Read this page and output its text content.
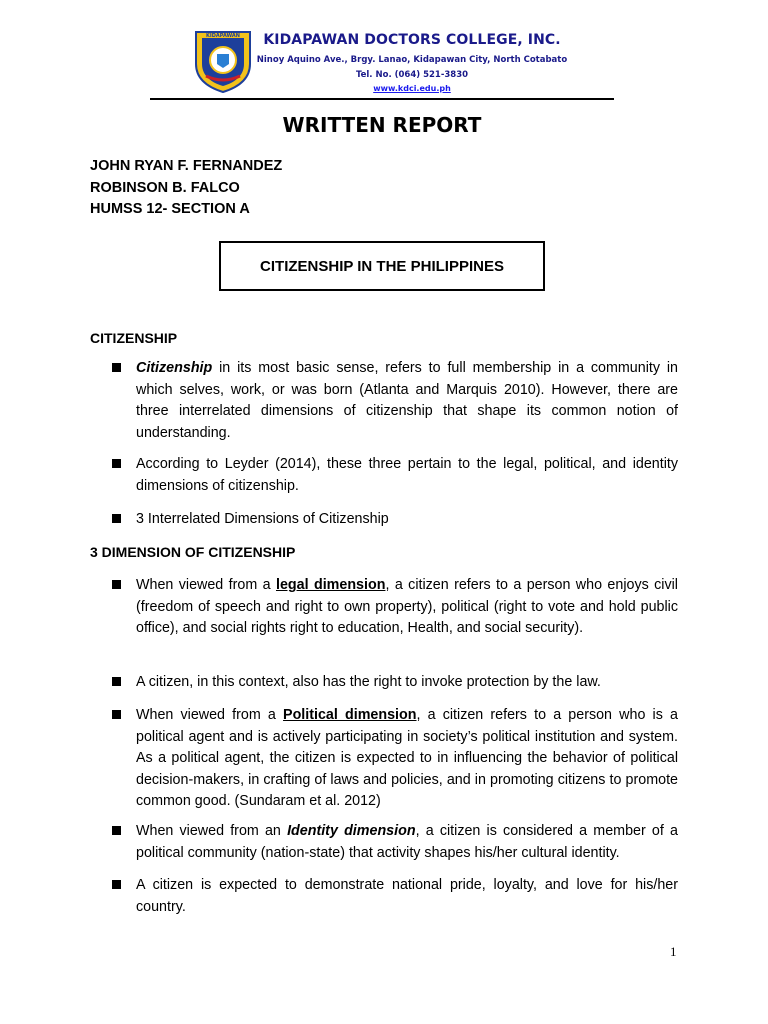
KIDAPAWAN KIDAPAWAN DOCTORS COLLEGE, INC.
Ninoy Aquino Ave., Brgy. Lanao, Kidapawan City, North Cotabato
Tel. No. (064) 521-3830
www.kdci.edu.ph
WRITTEN REPORT
JOHN RYAN F. FERNANDEZ
ROBINSON B. FALCO
HUMSS 12- SECTION A
CITIZENSHIP IN THE PHILIPPINES
CITIZENSHIP
Citizenship in its most basic sense, refers to full membership in a community in which selves, work, or was born (Atlanta and Marquis 2010). However, there are three interrelated dimensions of citizenship that shape its common notion of understanding.
According to Leyder (2014), these three pertain to the legal, political, and identity dimensions of citizenship.
3 Interrelated Dimensions of Citizenship
3 DIMENSION OF CITIZENSHIP
When viewed from a legal dimension, a citizen refers to a person who enjoys civil (freedom of speech and right to own property), political (right to vote and hold public office), and social rights right to education, Health, and social security).
A citizen, in this context, also has the right to invoke protection by the law.
When viewed from a Political dimension, a citizen refers to a person who is a political agent and is actively participating in society’s political institution and system. As a political agent, the citizen is expected to in influencing the behavior of political decision-makers, in crafting of laws and policies, and in promoting citizens to promote common good. (Sundaram et al. 2012)
When viewed from an Identity dimension, a citizen is considered a member of a political community (nation-state) that activity shapes his/her cultural identity.
A citizen is expected to demonstrate national pride, loyalty, and love for his/her country.
1
